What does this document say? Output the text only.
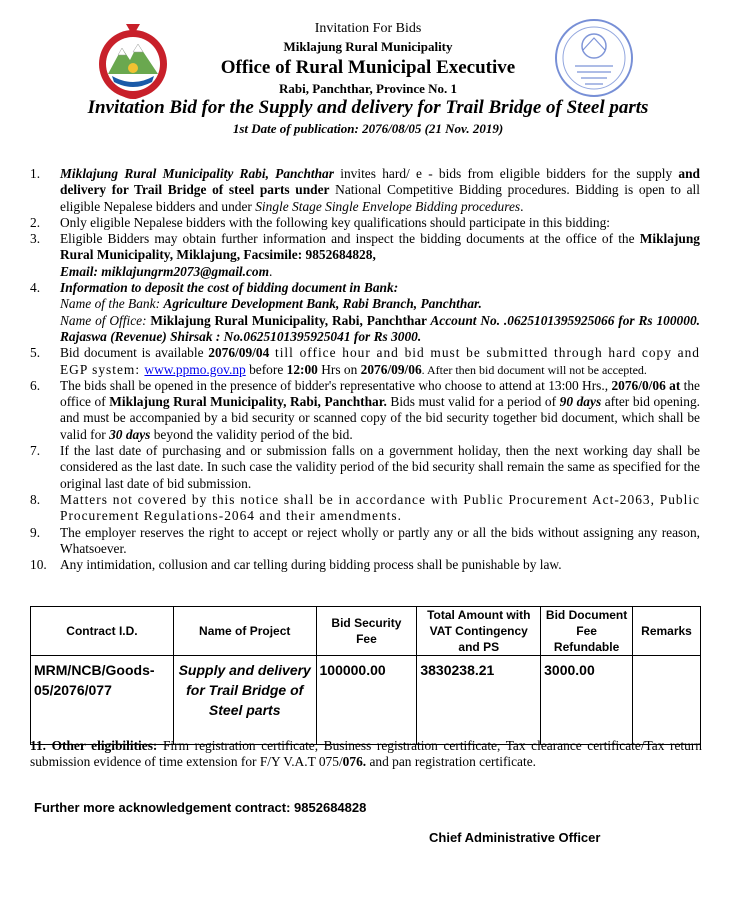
Invitation For Bids
Miklajung Rural Municipality
Office of Rural Municipal Executive
Rabi, Panchthar, Province No. 1
Invitation Bid for the Supply and delivery for Trail Bridge of Steel parts
1st Date of publication: 2076/08/05 (21 Nov. 2019)
1.	Miklajung Rural Municipality Rabi, Panchthar invites hard/ e - bids from eligible bidders for the supply and delivery for Trail Bridge of steel parts under National Competitive Bidding procedures. Bidding is open to all eligible Nepalese bidders and under Single Stage Single Envelope Bidding procedures.
2.	Only eligible Nepalese bidders with the following key qualifications should participate in this bidding:
3.	Eligible Bidders may obtain further information and inspect the bidding documents at the office of the Miklajung Rural Municipality, Miklajung, Facsimile: 9852684828,
Email: miklajungrm2073@gmail.com.
4.	Information to deposit the cost of bidding document in Bank:
Name of the Bank: Agriculture Development Bank, Rabi Branch, Panchthar.
Name of Office: Miklajung Rural Municipality, Rabi, Panchthar Account No. .0625101395925066 for Rs 100000. Rajaswa (Revenue) Shirsak : No.0625101395925041 for Rs 3000.
5.	Bid document is available 2076/09/04 till office hour and bid must be submitted through hard copy and EGP system: www.ppmo.gov.np before 12:00 Hrs on 2076/09/06. After then bid document will not be accepted.
6.	The bids shall be opened in the presence of bidder's representative who choose to attend at 13:00 Hrs., 2076/0/06 at the office of Miklajung Rural Municipality, Rabi, Panchthar. Bids must valid for a period of 90 days after bid opening. and must be accompanied by a bid security or scanned copy of the bid security together bid document, which shall be valid for 30 days beyond the validity period of the bid.
7.	If the last date of purchasing and or submission falls on a government holiday, then the next working day shall be considered as the last date. In such case the validity period of the bid security shall remain the same as specified for the original last date of bid submission.
8.	Matters not covered by this notice shall be in accordance with Public Procurement Act-2063, Public Procurement Regulations-2064 and their amendments.
9.	The employer reserves the right to accept or reject wholly or partly any or all the bids without assigning any reason, Whatsoever.
10. Any intimidation, collusion and car telling during bidding process shall be punishable by law.
Contract I.D.	Name of Project	Bid Security Fee	Total Amount with VAT Contingency and PS	Bid Document Fee Refundable	Remarks
MRM/NCB/Goods-05/2076/077	Supply and delivery for Trail Bridge of Steel parts	100000.00	3830238.21	3000.00	
11. Other eligibilities: Firm registration certificate, Business registration certificate, Tax clearance certificate/Tax return submission evidence of time extension for F/Y V.A.T 075/076. and pan registration certificate.
Further more acknowledgement contract: 9852684828
Chief Administrative Officer
